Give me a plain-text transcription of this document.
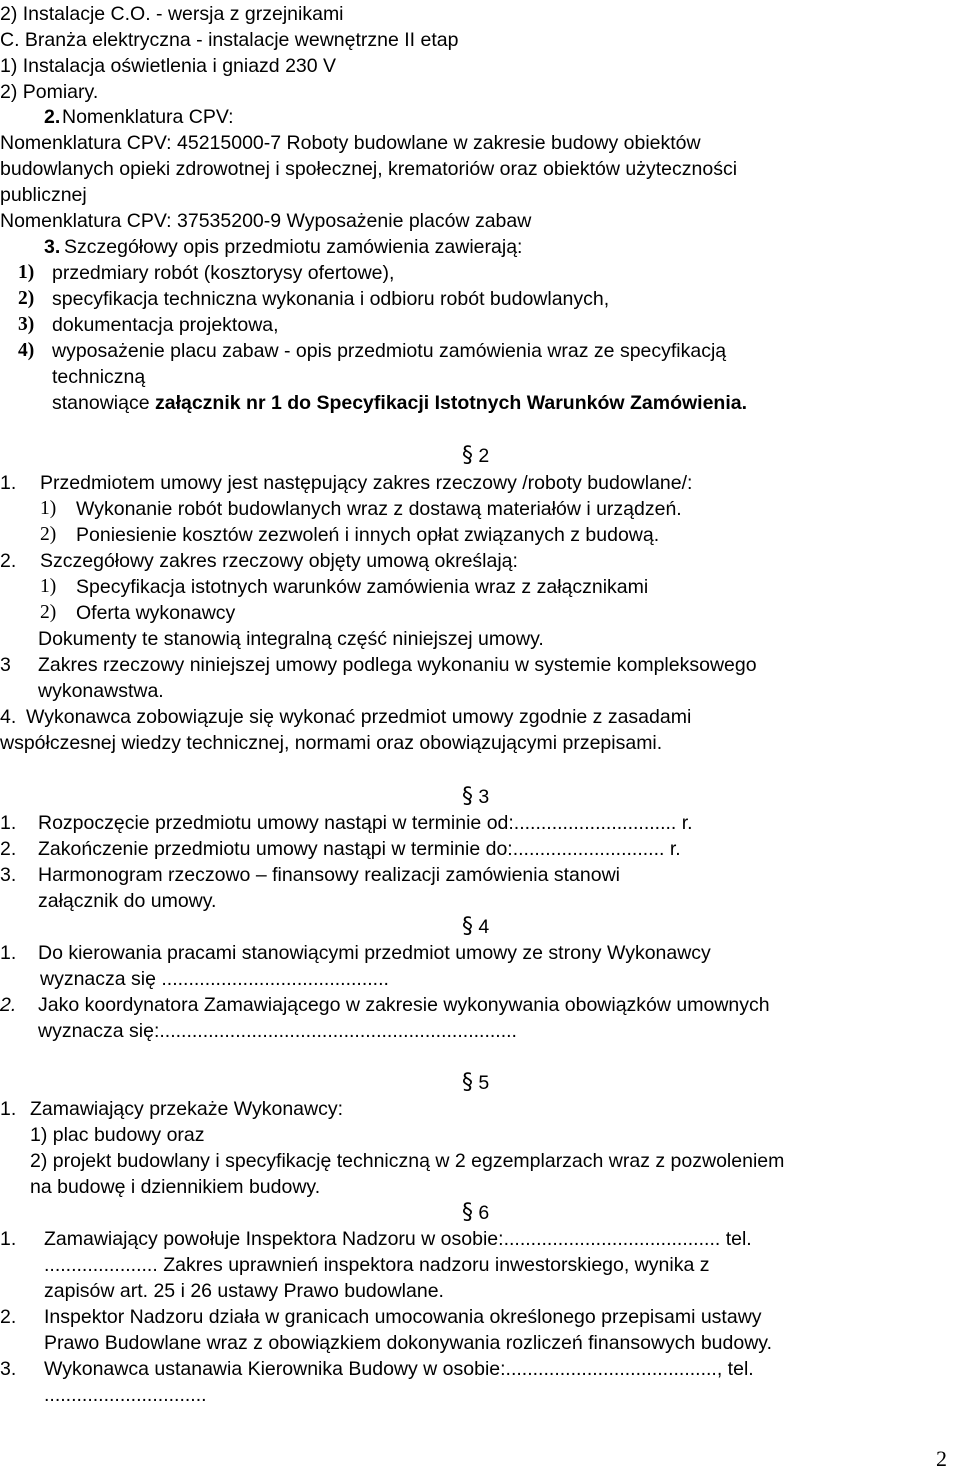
2) Instalacje C.O. - wersja z grzejnikami
C. Branża elektryczna - instalacje wewnętrzne II etap
1) Instalacja oświetlenia i gniazd 230 V
2) Pomiary.
2. Nomenklatura CPV:
Nomenklatura CPV: 45215000-7 Roboty budowlane w zakresie budowy obiektów
budowlanych opieki zdrowotnej i społecznej, krematoriów oraz obiektów użyteczności
publicznej
Nomenklatura CPV: 37535200-9 Wyposażenie placów zabaw
3. Szczegółowy opis przedmiotu zamówienia zawierają:
1) przedmiary robót (kosztorysy ofertowe),
2) specyfikacja techniczna wykonania i odbioru robót budowlanych,
3) dokumentacja projektowa,
4) wyposażenie placu zabaw - opis przedmiotu zamówienia wraz ze specyfikacją
techniczną
stanowiące załącznik nr 1 do Specyfikacji Istotnych Warunków Zamówienia.
§ 2
1. Przedmiotem umowy jest następujący zakres rzeczowy /roboty budowlane/:
1) Wykonanie robót budowlanych wraz z dostawą materiałów i urządzeń.
2) Poniesienie kosztów zezwoleń i innych opłat związanych z budową.
2. Szczegółowy zakres rzeczowy objęty umową określają:
1) Specyfikacja istotnych warunków zamówienia wraz z załącznikami
2) Oferta wykonawcy
Dokumenty te stanowią integralną część niniejszej umowy.
3 Zakres rzeczowy niniejszej umowy podlega wykonaniu w systemie kompleksowego
wykonawstwa.
4. Wykonawca zobowiązuje się wykonać przedmiot umowy zgodnie z zasadami
współczesnej wiedzy technicznej, normami oraz obowiązującymi przepisami.
§ 3
1. Rozpoczęcie przedmiotu umowy nastąpi w terminie od:.............................. r.
2. Zakończenie przedmiotu umowy nastąpi w terminie do:............................ r.
3. Harmonogram rzeczowo – finansowy realizacji zamówienia stanowi
załącznik do umowy.
§ 4
1. Do kierowania pracami stanowiącymi przedmiot umowy ze strony Wykonawcy
wyznacza się ..........................................
2. Jako koordynatora Zamawiającego w zakresie wykonywania obowiązków umownych
wyznacza się:..................................................................
§ 5
1. Zamawiający przekaże Wykonawcy:
1) plac budowy oraz
2) projekt budowlany i specyfikację techniczną w 2 egzemplarzach wraz z pozwoleniem
na budowę i dziennikiem budowy.
§ 6
1. Zamawiający powołuje Inspektora Nadzoru w osobie:........................................ tel.
..................... Zakres uprawnień inspektora nadzoru inwestorskiego, wynika z
zapisów art. 25 i 26 ustawy Prawo budowlane.
2. Inspektor Nadzoru działa w granicach umocowania określonego przepisami ustawy
Prawo Budowlane wraz z obowiązkiem dokonywania rozliczeń finansowych budowy.
3. Wykonawca ustanawia Kierownika Budowy w osobie:......................................., tel.
..............................
2
